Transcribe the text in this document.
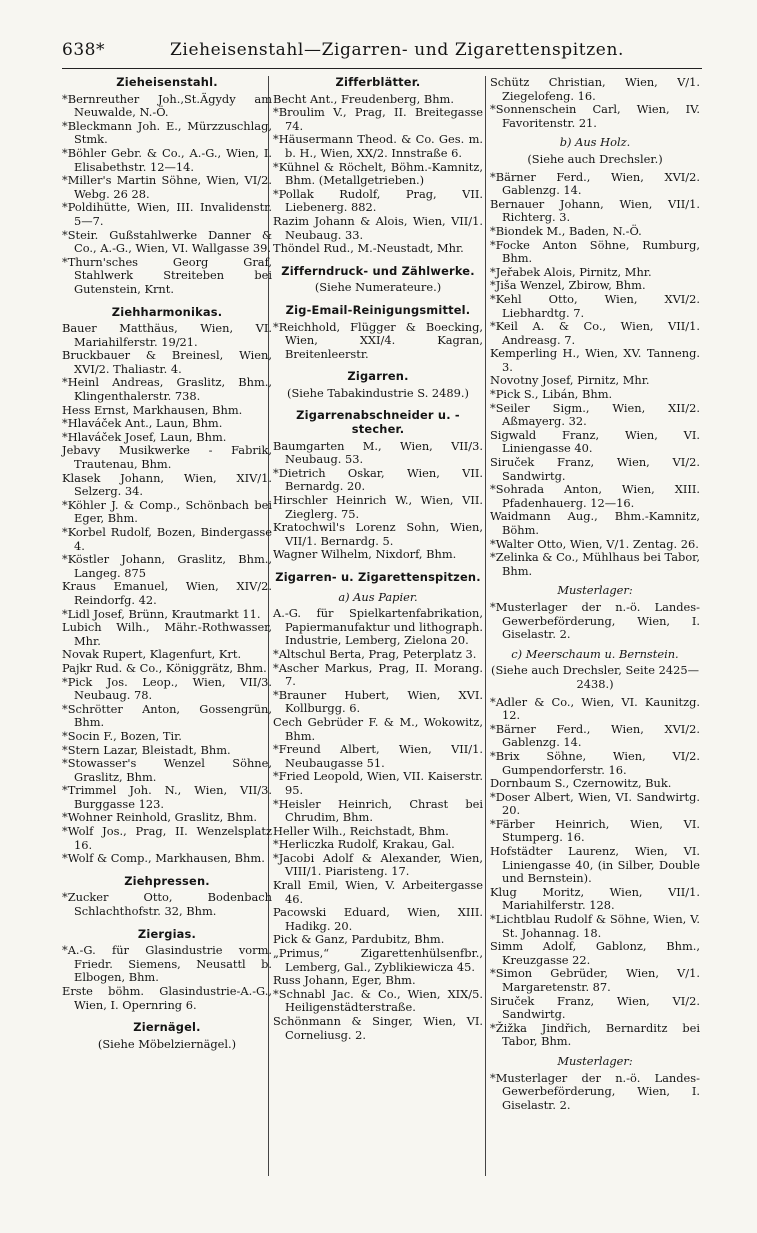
638*	Zieheisenstahl—Zigarren- und Zigarettenspitzen.
Zieheisenstahl.
*Bernreuther Joh.,St.Ägydy am Neuwalde, N.-Ö.
*Bleckmann Joh. E., Mürzzuschlag, Stmk.
*Böhler Gebr. & Co., A.-G., Wien, I. Elisabethstr. 12—14.
*Miller's Martin Söhne, Wien, VI/2. Webg. 26 28.
*Poldihütte, Wien, III. Invalidenstr. 5—7.
*Steir. Gußstahlwerke Danner & Co., A.-G., Wien, VI. Wallgasse 39.
*Thurn'sches Georg Graf, Stahlwerk Streiteben bei Gutenstein, Krnt.
Ziehharmonikas.
Bauer Matthäus, Wien, VI. Mariahilferstr. 19/21.
Bruckbauer & Breinesl, Wien, XVI/2. Thaliastr. 4.
*Heinl Andreas, Graslitz, Bhm., Klingenthalerstr. 738.
Hess Ernst, Markhausen, Bhm.
*Hlaváček Ant., Laun, Bhm.
*Hlaváček Josef, Laun, Bhm.
Jebavy Musikwerke - Fabrik, Trautenau, Bhm.
Klasek Johann, Wien, XIV/1. Selzerg. 34.
*Köhler J. & Comp., Schönbach bei Eger, Bhm.
*Korbel Rudolf, Bozen, Bindergasse 4.
*Köstler Johann, Graslitz, Bhm., Langeg. 875
Kraus Emanuel, Wien, XIV/2. Reindorfg. 42.
*Lidl Josef, Brünn, Krautmarkt 11.
Lubich Wilh., Mähr.-Rothwasser, Mhr.
Novak Rupert, Klagenfurt, Krt.
Pajkr Rud. & Co., Königgrätz, Bhm.
*Pick Jos. Leop., Wien, VII/3. Neubaug. 78.
*Schrötter Anton, Gossengrün, Bhm.
*Socin F., Bozen, Tir.
*Stern Lazar, Bleistadt, Bhm.
*Stowasser's Wenzel Söhne, Graslitz, Bhm.
*Trimmel Joh. N., Wien, VII/3. Burggasse 123.
*Wohner Reinhold, Graslitz, Bhm.
*Wolf Jos., Prag, II. Wenzelsplatz 16.
*Wolf & Comp., Markhausen, Bhm.
Ziehpressen.
*Zucker Otto, Bodenbach Schlachthofstr. 32, Bhm.
Ziergias.
*A.-G. für Glasindustrie vorm. Friedr. Siemens, Neusattl b. Elbogen, Bhm.
Erste böhm. Glasindustrie-A.-G., Wien, I. Opernring 6.
Ziernägel.
(Siehe Möbelziernägel.)
Zifferblätter.
Becht Ant., Freudenberg, Bhm.
*Broulim V., Prag, II. Breitegasse 74.
*Häusermann Theod. & Co. Ges. m. b. H., Wien, XX/2. Innstraße 6.
*Kühnel & Röchelt, Böhm.-Kamnitz, Bhm. (Metallgetrieben.)
*Pollak Rudolf, Prag, VII. Liebenerg. 882.
Razim Johann & Alois, Wien, VII/1. Neubaug. 33.
Thöndel Rud., M.-Neustadt, Mhr.
Zifferndruck- und Zählwerke.
(Siehe Numerateure.)
Zig-Email-Reinigungsmittel.
*Reichhold, Flügger & Boecking, Wien, XXI/4. Kagran, Breitenleerstr.
Zigarren.
(Siehe Tabakindustrie S. 2489.)
Zigarrenabschneider u. -stecher.
Baumgarten M., Wien, VII/3. Neubaug. 53.
*Dietrich Oskar, Wien, VII. Bernardg. 20.
Hirschler Heinrich W., Wien, VII. Zieglerg. 75.
Kratochwil's Lorenz Sohn, Wien, VII/1. Bernardg. 5.
Wagner Wilhelm, Nixdorf, Bhm.
Zigarren- u. Zigarettenspitzen.
a) Aus Papier.
A.-G. für Spielkartenfabrikation, Papiermanufaktur und lithograph. Industrie, Lemberg, Zielona 20.
*Altschul Berta, Prag, Peterplatz 3.
*Ascher Markus, Prag, II. Morang. 7.
*Brauner Hubert, Wien, XVI. Kollburgg. 6.
Cech Gebrüder F. & M., Wokowitz, Bhm.
*Freund Albert, Wien, VII/1. Neubaugasse 51.
*Fried Leopold, Wien, VII. Kaiserstr. 95.
*Heisler Heinrich, Chrast bei Chrudim, Bhm.
Heller Wilh., Reichstadt, Bhm.
*Herliczka Rudolf, Krakau, Gal.
*Jacobi Adolf & Alexander, Wien, VIII/1. Piaristeng. 17.
Krall Emil, Wien, V. Arbeitergasse 46.
Pacowski Eduard, Wien, XIII. Hadikg. 20.
Pick & Ganz, Pardubitz, Bhm.
„Primus,“ Zigarettenhülsenfbr., Lemberg, Gal., Zyblikiewicza 45.
Russ Johann, Eger, Bhm.
*Schnabl Jac. & Co., Wien, XIX/5. Heiligenstädterstraße.
Schönmann & Singer, Wien, VI. Corneliusg. 2.
Schütz Christian, Wien, V/1. Ziegelofeng. 16.
*Sonnenschein Carl, Wien, IV. Favoritenstr. 21.
b) Aus Holz.
(Siehe auch Drechsler.)
*Bärner Ferd., Wien, XVI/2. Gablenzg. 14.
Bernauer Johann, Wien, VII/1. Richterg. 3.
*Biondek M., Baden, N.-Ö.
*Focke Anton Söhne, Rumburg, Bhm.
*Jeřabek Alois, Pirnitz, Mhr.
*Jiša Wenzel, Zbirow, Bhm.
*Kehl Otto, Wien, XVI/2. Liebhardtg. 7.
*Keil A. & Co., Wien, VII/1. Andreasg. 7.
Kemperling H., Wien, XV. Tanneng. 3.
Novotny Josef, Pirnitz, Mhr.
*Pick S., Libán, Bhm.
*Seiler Sigm., Wien, XII/2. Aßmayerg. 32.
Sigwald Franz, Wien, VI. Liniengasse 40.
Siruček Franz, Wien, VI/2. Sandwirtg.
*Sohrada Anton, Wien, XIII. Pfadenhauerg. 12—16.
Waidmann Aug., Bhm.-Kamnitz, Böhm.
*Walter Otto, Wien, V/1. Zentag. 26.
*Zelinka & Co., Mühlhaus bei Tabor, Bhm.
Musterlager:
*Musterlager der n.-ö. Landes-Gewerbeförderung, Wien, I. Giselastr. 2.
c) Meerschaum u. Bernstein.
(Siehe auch Drechsler, Seite 2425—2438.)
*Adler & Co., Wien, VI. Kaunitzg. 12.
*Bärner Ferd., Wien, XVI/2. Gablenzg. 14.
*Brix Söhne, Wien, VI/2. Gumpendorferstr. 16.
Dornbaum S., Czernowitz, Buk.
*Doser Albert, Wien, VI. Sandwirtg. 20.
*Färber Heinrich, Wien, VI. Stumperg. 16.
Hofstädter Laurenz, Wien, VI. Liniengasse 40, (in Silber, Double und Bernstein).
Klug Moritz, Wien, VII/1. Mariahilferstr. 128.
*Lichtblau Rudolf & Söhne, Wien, V. St. Johannag. 18.
Simm Adolf, Gablonz, Bhm., Kreuzgasse 22.
*Simon Gebrüder, Wien, V/1. Margaretenstr. 87.
Siruček Franz, Wien, VI/2. Sandwirtg.
*Žižka Jindřich, Bernarditz bei Tabor, Bhm.
Musterlager:
*Musterlager der n.-ö. Landes-Gewerbeförderung, Wien, I. Giselastr. 2.
